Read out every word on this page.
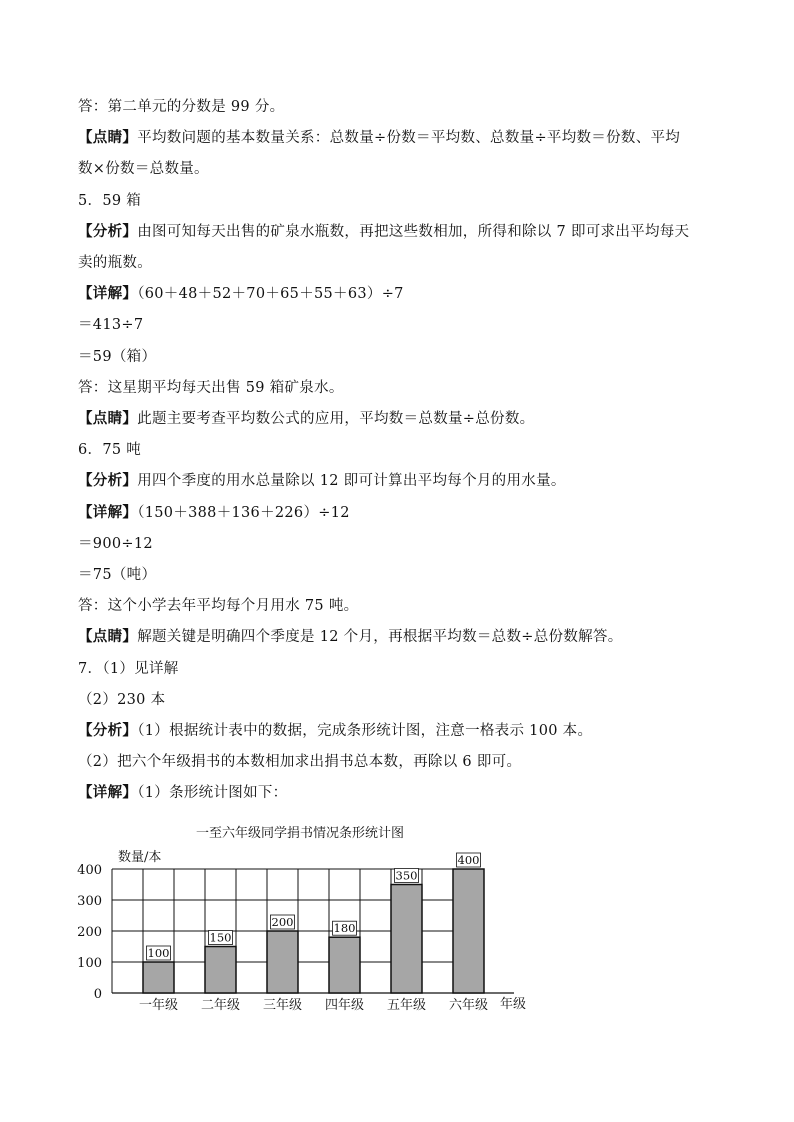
答：第二单元的分数是 99 分。
【点睛】平均数问题的基本数量关系：总数量÷份数＝平均数、总数量÷平均数＝份数、平均
数×份数＝总数量。
5．59 箱
【分析】由图可知每天出售的矿泉水瓶数，再把这些数相加，所得和除以 7 即可求出平均每天
卖的瓶数。
【详解】（60＋48＋52＋70＋65＋55＋63）÷7
＝413÷7
＝59（箱）
答：这星期平均每天出售 59 箱矿泉水。
【点睛】此题主要考查平均数公式的应用，平均数＝总数量÷总份数。
6．75 吨
【分析】用四个季度的用水总量除以 12 即可计算出平均每个月的用水量。
【详解】（150＋388＋136＋226）÷12
＝900÷12
＝75（吨）
答：这个小学去年平均每个月用水 75 吨。
【点睛】解题关键是明确四个季度是 12 个月，再根据平均数＝总数÷总份数解答。
7．（1）见详解
（2）230 本
【分析】（1）根据统计表中的数据，完成条形统计图，注意一格表示 100 本。
（2）把六个年级捐书的本数相加求出捐书总本数，再除以 6 即可。
【详解】（1）条形统计图如下：
一至六年级同学捐书情况条形统计图
数量/本
年级
100
150
200	180
350
400
0
100
200
300
400
一年级 二年级 三年级 四年级 五年级 六年级
